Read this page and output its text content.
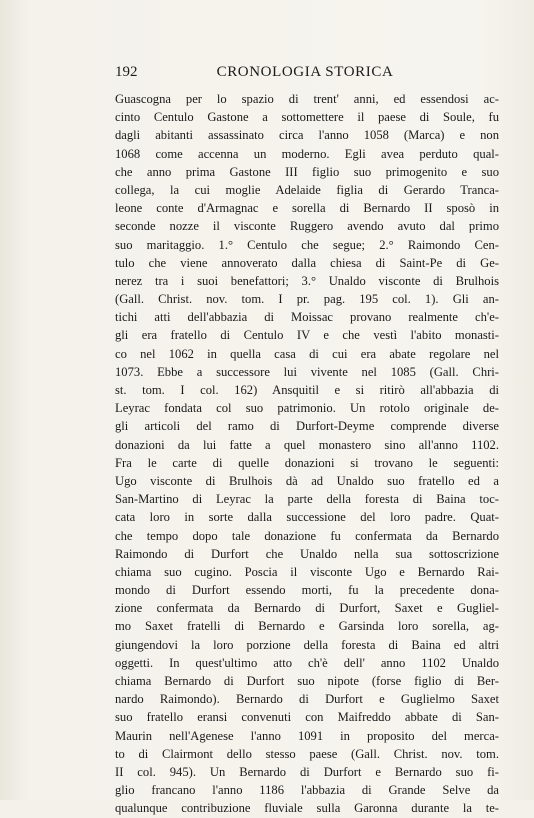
192	CRONOLOGIA STORICA
Guascogna per lo spazio di trent' anni, ed essendosi ac-
cinto Centulo Gastone a sottomettere il paese di Soule, fu
dagli abitanti assassinato circa l'anno 1058 (Marca) e non
1068 come accenna un moderno. Egli avea perduto qual-
che anno prima Gastone III figlio suo primogenito e suo
collega, la cui moglie Adelaide figlia di Gerardo Tranca-
leone conte d'Armagnac e sorella di Bernardo II sposò in
seconde nozze il visconte Ruggero avendo avuto dal primo
suo maritaggio. 1.° Centulo che segue; 2.° Raimondo Cen-
tulo che viene annoverato dalla chiesa di Saint-Pe di Ge-
nerez tra i suoi benefattori; 3.° Unaldo visconte di Brulhois
(Gall. Christ. nov. tom. I pr. pag. 195 col. 1). Gli an-
tichi atti dell'abbazia di Moissac provano realmente ch'e-
gli era fratello di Centulo IV e che vestì l'abito monasti-
co nel 1062 in quella casa di cui era abate regolare nel
1073. Ebbe a successore lui vivente nel 1085 (Gall. Chri-
st. tom. I col. 162) Ansquitil e si ritirò all'abbazia di
Leyrac fondata col suo patrimonio. Un rotolo originale de-
gli articoli del ramo di Durfort-Deyme comprende diverse
donazioni da lui fatte a quel monastero sino all'anno 1102.
Fra le carte di quelle donazioni si trovano le seguenti:
Ugo visconte di Brulhois dà ad Unaldo suo fratello ed a
San-Martino di Leyrac la parte della foresta di Baina toc-
cata loro in sorte dalla successione del loro padre. Quat-
che tempo dopo tale donazione fu confermata da Bernardo
Raimondo di Durfort che Unaldo nella sua sottoscrizione
chiama suo cugino. Poscia il visconte Ugo e Bernardo Rai-
mondo di Durfort essendo morti, fu la precedente dona-
zione confermata da Bernardo di Durfort, Saxet e Gugliel-
mo Saxet fratelli di Bernardo e Garsinda loro sorella, ag-
giungendovi la loro porzione della foresta di Baina ed altri
oggetti. In quest'ultimo atto ch'è dell' anno 1102 Unaldo
chiama Bernardo di Durfort suo nipote (forse figlio di Ber-
nardo Raimondo). Bernardo di Durfort e Guglielmo Saxet
suo fratello eransi convenuti con Maifreddo abbate di San-
Maurin nell'Agenese l'anno 1091 in proposito del merca-
to di Clairmont dello stesso paese (Gall. Christ. nov. tom.
II col. 945). Un Bernardo di Durfort e Bernardo suo fi-
glio francano l'anno 1186 l'abbazia di Grande Selve da
qualunque contribuzione fluviale sulla Garonna durante la te-
